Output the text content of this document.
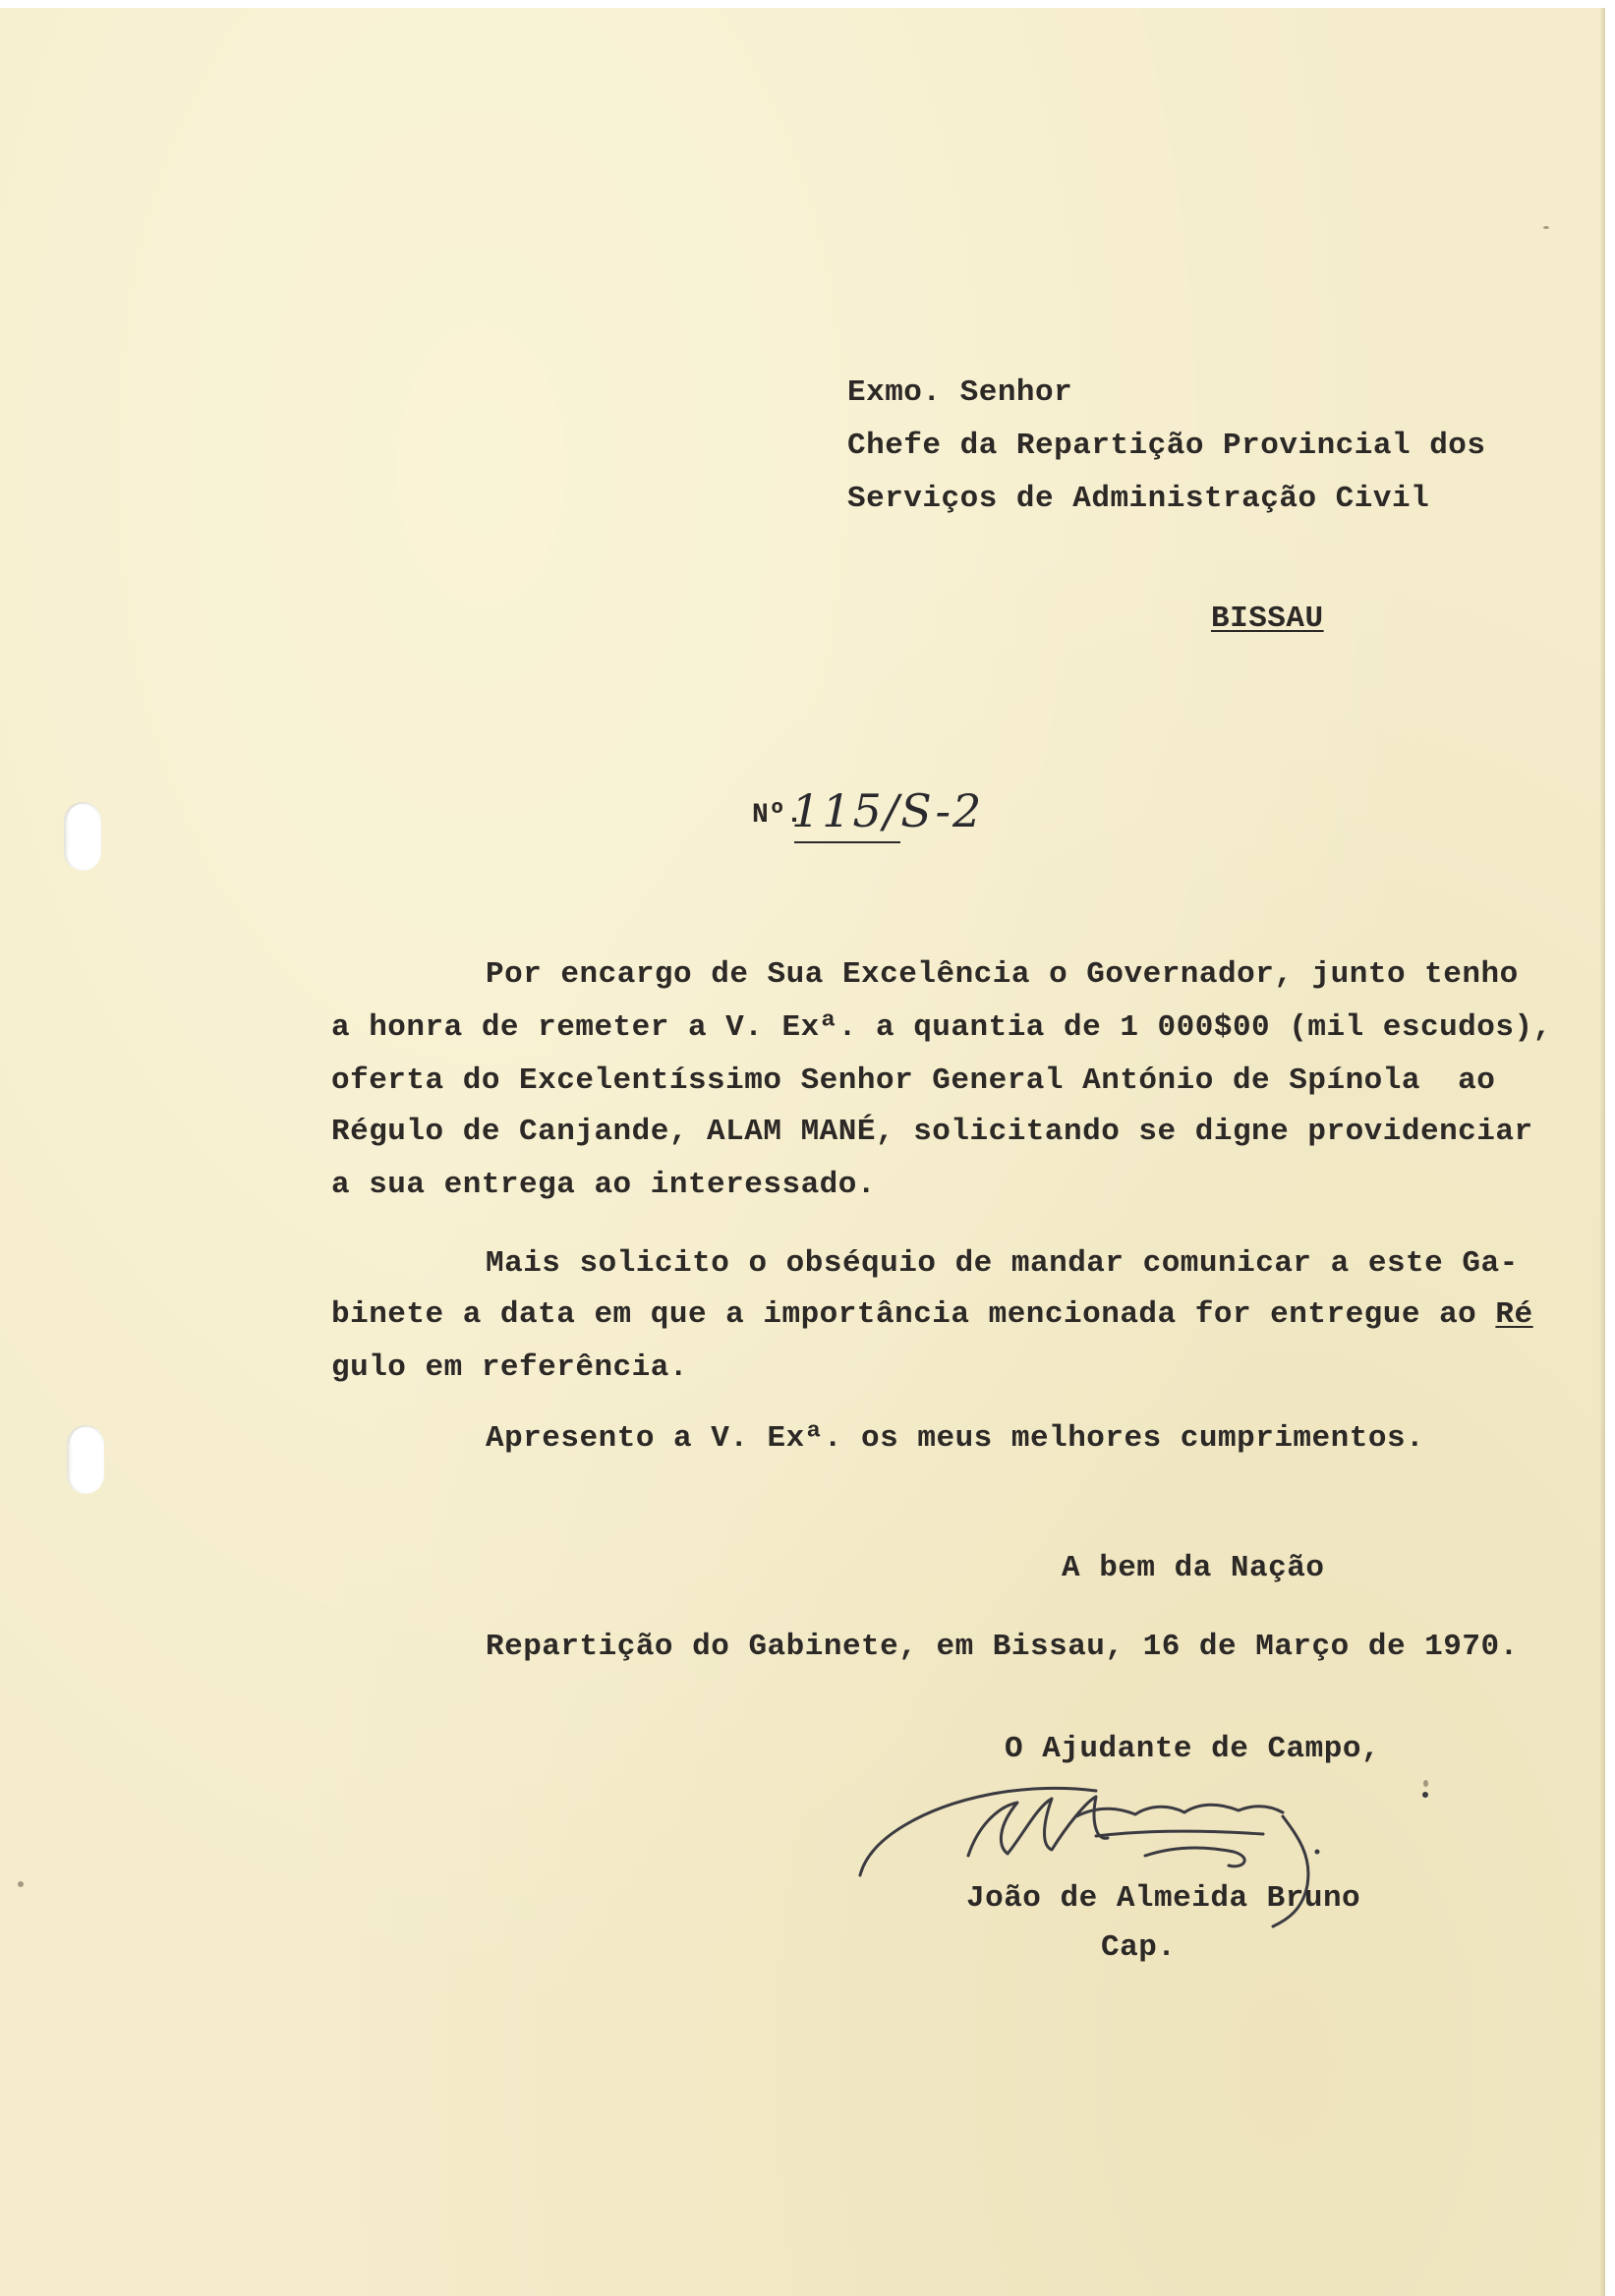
Exmo. Senhor
Chefe da Repartição Provincial dos
Serviços de Administração Civil
BISSAU
Nº.
115/S-2
Por encargo de Sua Excelência o Governador, junto tenho
a honra de remeter a V. Exª. a quantia de 1 000$00 (mil escudos),
oferta do Excelentíssimo Senhor General António de Spínola  ao
Régulo de Canjande, ALAM MANÉ, solicitando se digne providenciar
a sua entrega ao interessado.
Mais solicito o obséquio de mandar comunicar a este Ga-
binete a data em que a importância mencionada for entregue ao Ré
gulo em referência.
Apresento a V. Exª. os meus melhores cumprimentos.
A bem da Nação
Repartição do Gabinete, em Bissau, 16 de Março de 1970.
O Ajudante de Campo,
João de Almeida Bruno
Cap.
